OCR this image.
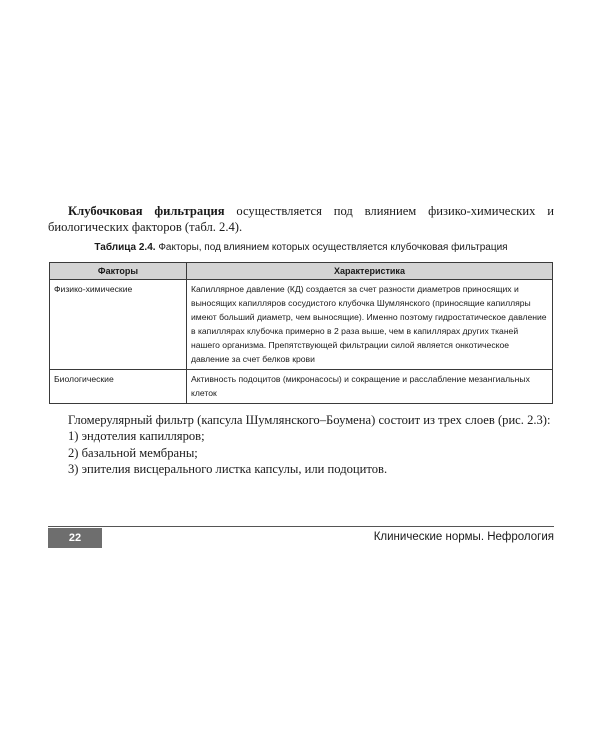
Клубочковая фильтрация осуществляется под влиянием физико-химических и биологических факторов (табл. 2.4).

Таблица 2.4. Факторы, под влиянием которых осуществляется клубочковая фильтрация

Факторы	Характеристика
Физико-химические	Капиллярное давление (КД) создается за счет разности диаметров приносящих и выносящих капилляров сосудистого клубочка Шумлянского (приносящие капилляры имеют больший диаметр, чем выносящие). Именно поэтому гидростатическое давление в капиллярах клубочка примерно в 2 раза выше, чем в капиллярах других тканей нашего организма. Препятствующей фильтрации силой является онкотическое давление за счет белков крови
Биологические	Активность подоцитов (микронасосы) и сокращение и расслабление мезангиальных клеток

Гломерулярный фильтр (капсула Шумлянского–Боумена) состоит из трех слоев (рис. 2.3):

1) эндотелия капилляров;

2) базальной мембраны;

3) эпителия висцерального листка капсулы, или подоцитов.

22	Клинические нормы. Нефрология
